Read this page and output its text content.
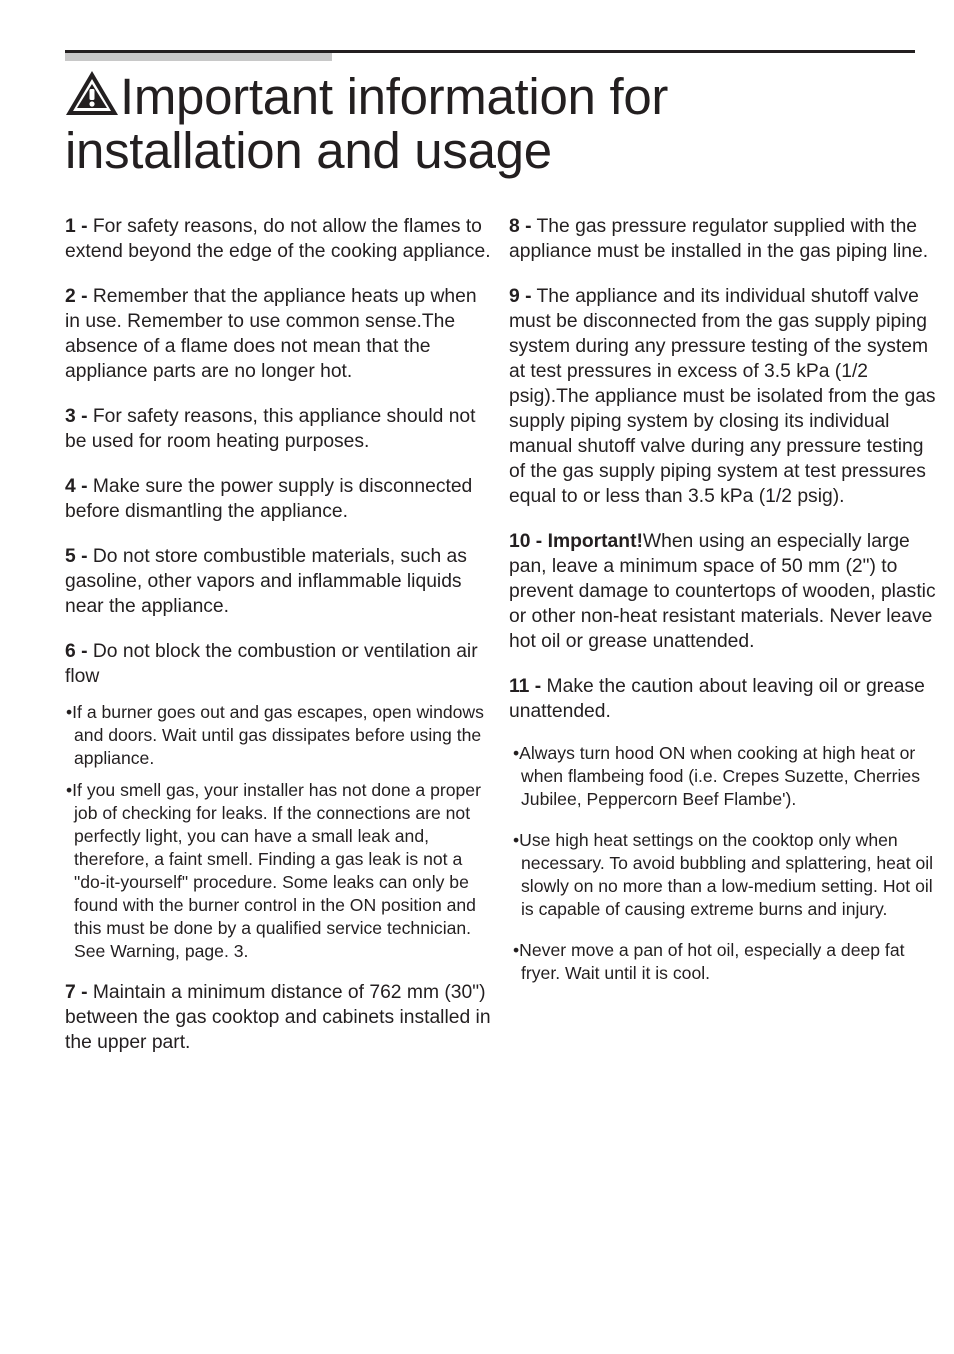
Important information for
installation and usage

1 - For safety reasons, do not allow the flames to extend beyond the edge of the cooking appliance.

2 - Remember that the appliance heats up when in use. Remember to use common sense.The absence of a flame does not mean that the appliance parts are no longer hot.

3 - For safety reasons, this appliance should not be used for room heating purposes.

4 - Make sure the power supply is disconnected before dismantling the appliance.

5 - Do not store combustible materials, such as gasoline, other vapors and inflammable liquids near the appliance.

6 - Do not block the combustion or ventilation air flow

•If a burner goes out and gas escapes, open windows and doors. Wait until gas dissipates before using the appliance.

•If you smell gas, your installer has not done a proper job of checking for leaks. If the connections are not perfectly light, you can have a small leak and, therefore, a faint smell. Finding a gas leak is not a "do-it-yourself" procedure. Some leaks can only be found with the burner control in the ON position and this must be done by a qualified service technician. See Warning, page. 3.

7 - Maintain a minimum distance of 762 mm (30") between the gas cooktop and cabinets installed in the upper part.

8 - The gas pressure regulator supplied with the appliance must be installed in the gas piping line.

9 - The appliance and its individual shutoff valve must be disconnected from the gas supply piping system during any pressure testing of the system at test pressures in excess of 3.5 kPa (1/2 psig).The appliance must be isolated from the gas supply piping system by closing its individual manual shutoff valve during any pressure testing of the gas supply piping system at test pressures equal to or less than 3.5 kPa (1/2 psig).

10 - Important!When using an especially large pan, leave a minimum space of 50 mm (2") to prevent damage to countertops of wooden, plastic or other non-heat resistant materials. Never leave hot oil or grease unattended.

11 - Make the caution about leaving oil or grease unattended.

•Always turn hood ON when cooking at high heat or when flambeing food (i.e. Crepes Suzette, Cherries Jubilee, Peppercorn Beef Flambe').

•Use high heat settings on the cooktop only when necessary. To avoid bubbling and splattering, heat oil slowly on no more than a low-medium setting. Hot oil is capable of causing extreme burns and injury.

•Never move a pan of hot oil, especially a deep fat fryer. Wait until it is cool.
